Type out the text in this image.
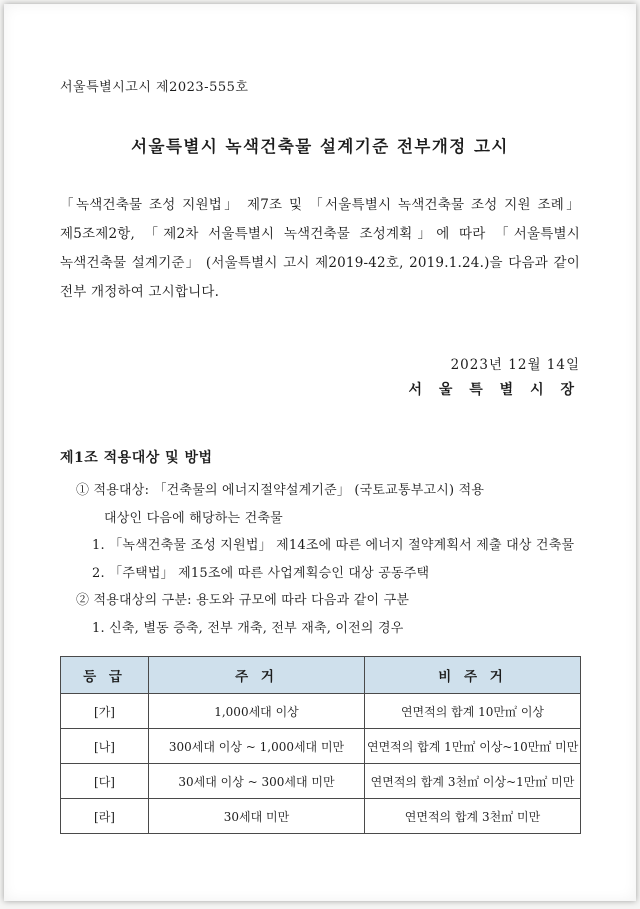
서울특별시고시 제2023-555호
서울특별시 녹색건축물 설계기준 전부개정 고시
「녹색건축물 조성 지원법」 제7조 및 「서울특별시 녹색건축물 조성 지원 조례」 제5조제2항, 「제2차 서울특별시 녹색건축물 조성계획」에 따라 「서울특별시 녹색건축물 설계기준」 (서울특별시 고시 제2019-42호, 2019.1.24.)을 다음과 같이 전부 개정하여 고시합니다.
2023년 12월 14일
서 울 특 별 시 장
제1조 적용대상 및 방법
① 적용대상: 「건축물의 에너지절약설계기준」 (국토교통부고시) 적용
대상인 다음에 해당하는 건축물
1. 「녹색건축물 조성 지원법」 제14조에 따른 에너지 절약계획서 제출 대상 건축물
2. 「주택법」 제15조에 따른 사업계획승인 대상 공동주택
② 적용대상의 구분: 용도와 규모에 따라 다음과 같이 구분
1. 신축, 별동 증축, 전부 개축, 전부 재축, 이전의 경우
등 급	주 거	비 주 거
[가]	1,000세대 이상	연면적의 합계 10만㎡ 이상
[나]	300세대 이상 ~ 1,000세대 미만	연면적의 합계 1만㎡ 이상~10만㎡ 미만
[다]	30세대 이상 ~ 300세대 미만	연면적의 합계 3천㎡ 이상~1만㎡ 미만
[라]	30세대 미만	연면적의 합계 3천㎡ 미만
